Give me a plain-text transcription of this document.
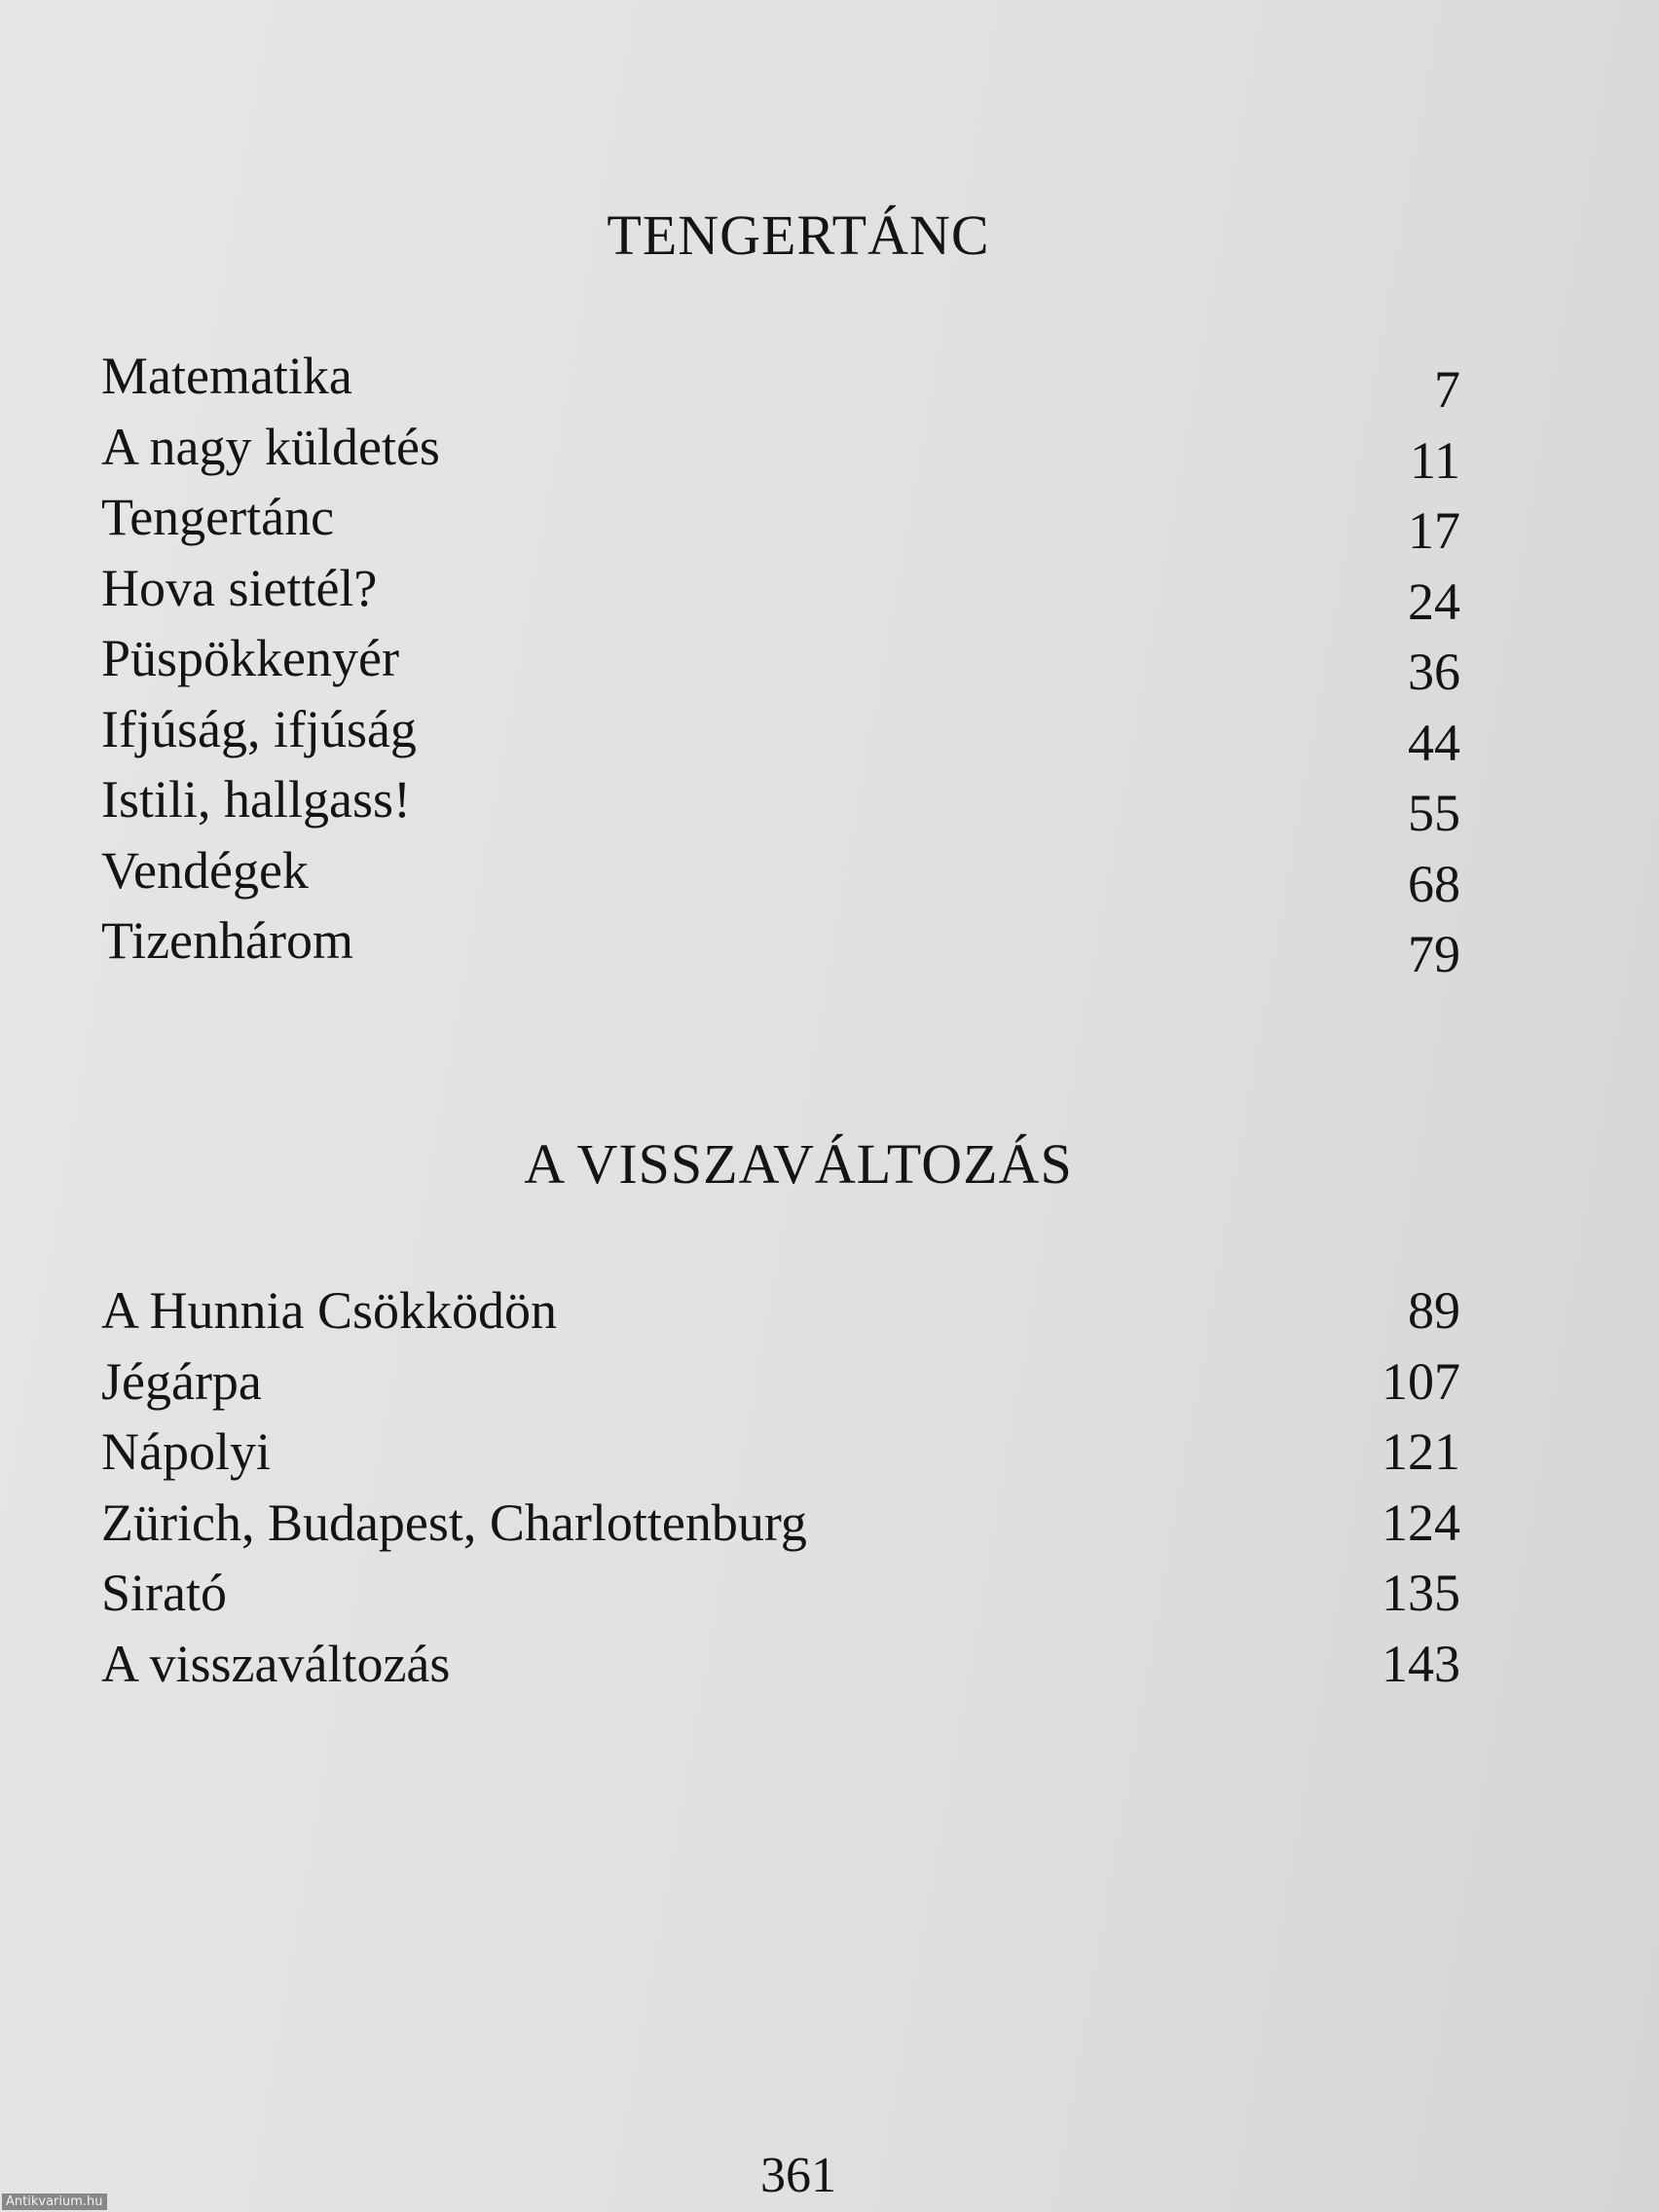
TENGERTÁNC
Matematika	7
A nagy küldetés	11
Tengertánc	17
Hova siettél?	24
Püspökkenyér	36
Ifjúság, ifjúság	44
Istili, hallgass!	55
Vendégek	68
Tizenhárom	79
A VISSZAVÁLTOZÁS
A Hunnia Csökködön	89
Jégárpa	107
Nápolyi	121
Zürich, Budapest, Charlottenburg	124
Sirató	135
A visszaváltozás	143
361
Antikvarium.hu
